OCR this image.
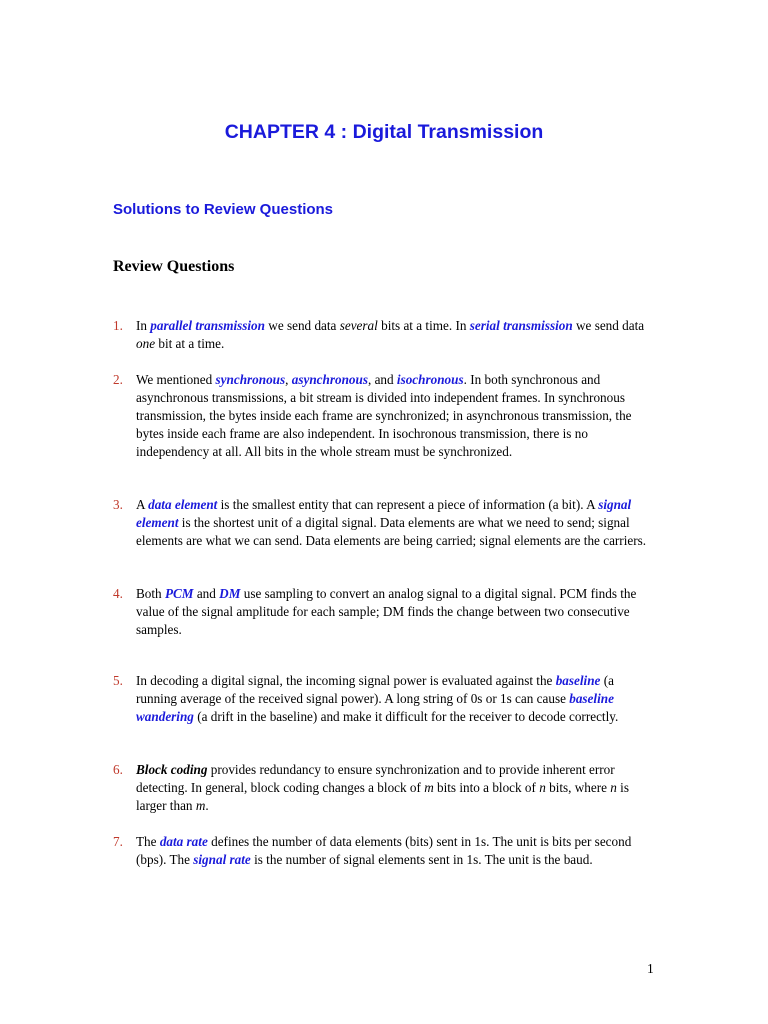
CHAPTER 4 : Digital Transmission
Solutions to Review Questions
Review Questions
1. In parallel transmission we send data several bits at a time. In serial transmission we send data one bit at a time.
2. We mentioned synchronous, asynchronous, and isochronous. In both synchronous and asynchronous transmissions, a bit stream is divided into independent frames. In synchronous transmission, the bytes inside each frame are synchronized; in asynchronous transmission, the bytes inside each frame are also independent. In isochronous transmission, there is no independency at all. All bits in the whole stream must be synchronized.
3. A data element is the smallest entity that can represent a piece of information (a bit). A signal element is the shortest unit of a digital signal. Data elements are what we need to send; signal elements are what we can send. Data elements are being carried; signal elements are the carriers.
4. Both PCM and DM use sampling to convert an analog signal to a digital signal. PCM finds the value of the signal amplitude for each sample; DM finds the change between two consecutive samples.
5. In decoding a digital signal, the incoming signal power is evaluated against the baseline (a running average of the received signal power). A long string of 0s or 1s can cause baseline wandering (a drift in the baseline) and make it difficult for the receiver to decode correctly.
6. Block coding provides redundancy to ensure synchronization and to provide inherent error detecting. In general, block coding changes a block of m bits into a block of n bits, where n is larger than m.
7. The data rate defines the number of data elements (bits) sent in 1s. The unit is bits per second (bps). The signal rate is the number of signal elements sent in 1s. The unit is the baud.
1
